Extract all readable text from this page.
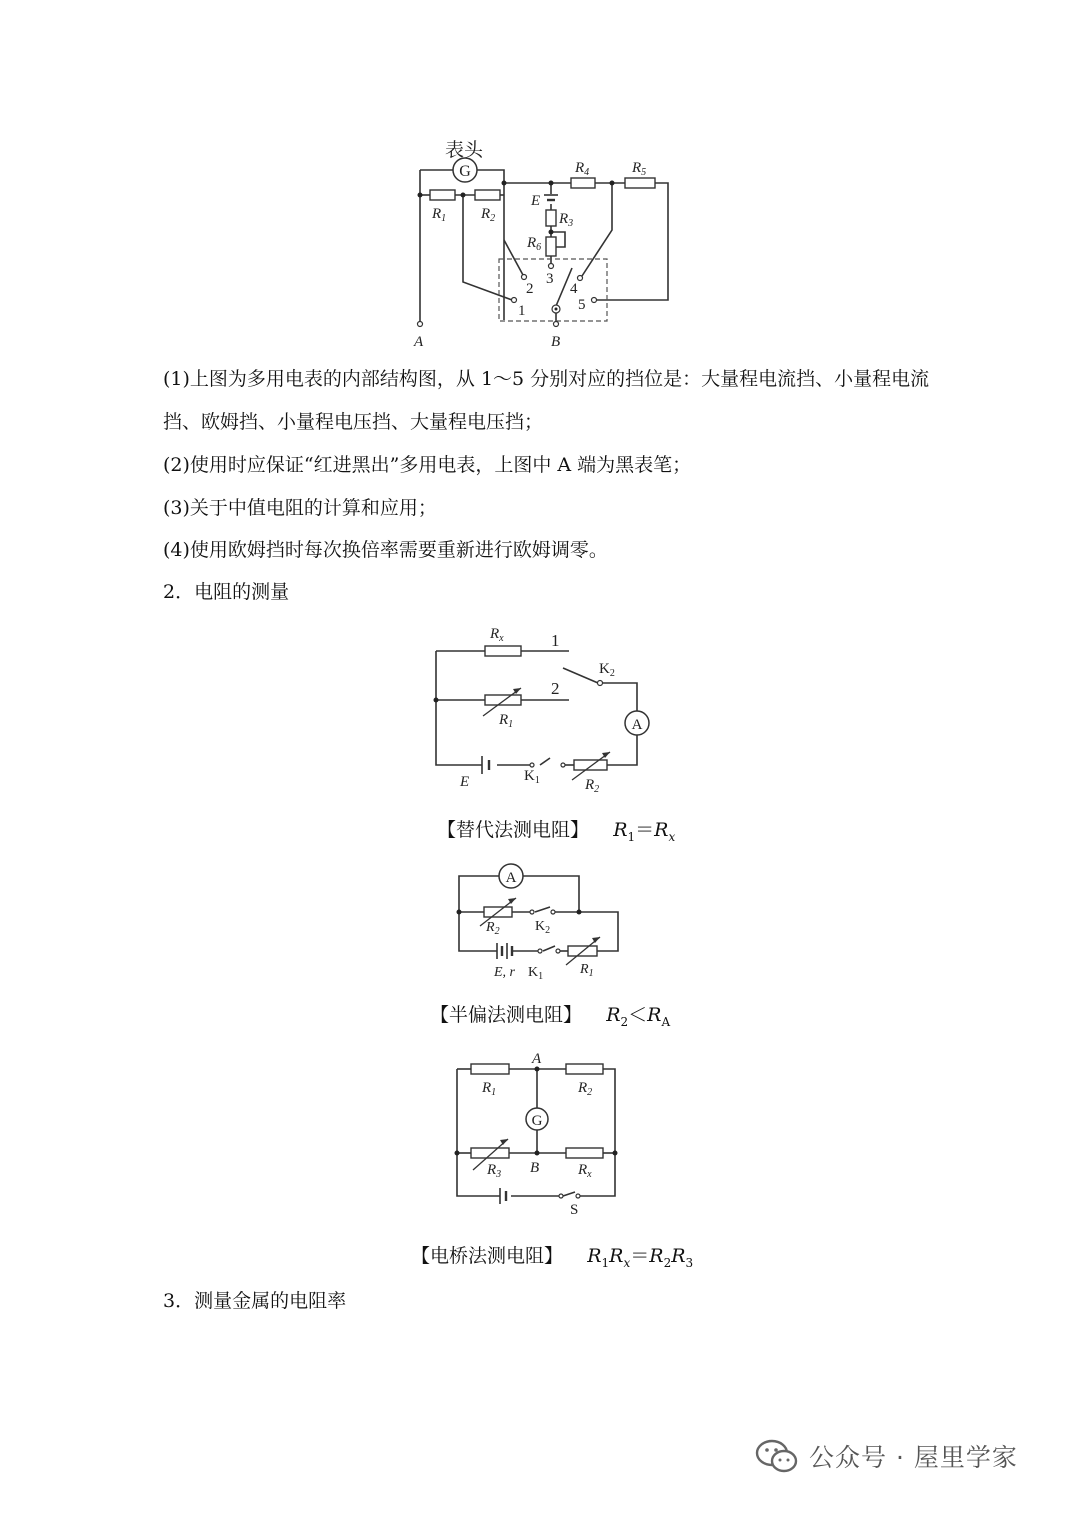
G
表头
$R_1$ $R_2$
$R_4$	$R_5$
$R_3$
$R_6$
E
A	B
1
2
3
4
5
(1)上图为多用电表的内部结构图，从 1～5 分别对应的挡位是：大量程电流挡、小量程电流
挡、欧姆挡、小量程电压挡、大量程电压挡；
(2)使用时应保证“红进黑出”多用电表，上图中 A 端为黑表笔；
(3)关于中值电阻的计算和应用；
(4)使用欧姆挡时每次换倍率需要重新进行欧姆调零。
2．电阻的测量
A
$R_x$
$R_1$
$R_2$
$K_1$
$K_2$
E
1
2
【替代法测电阻】 $R_1=R_x$
A
$R_2$	$K_2$
E, r $K_1$	$R_1$
【半偏法测电阻】 $R_2<R_A$
G
A
B
S
$R_1$	$R_2$
$R_3$	$R_x$
【电桥法测电阻】 $R_1R_x=R_2R_3$
3．测量金属的电阻率
公众号 · 屋里学家
